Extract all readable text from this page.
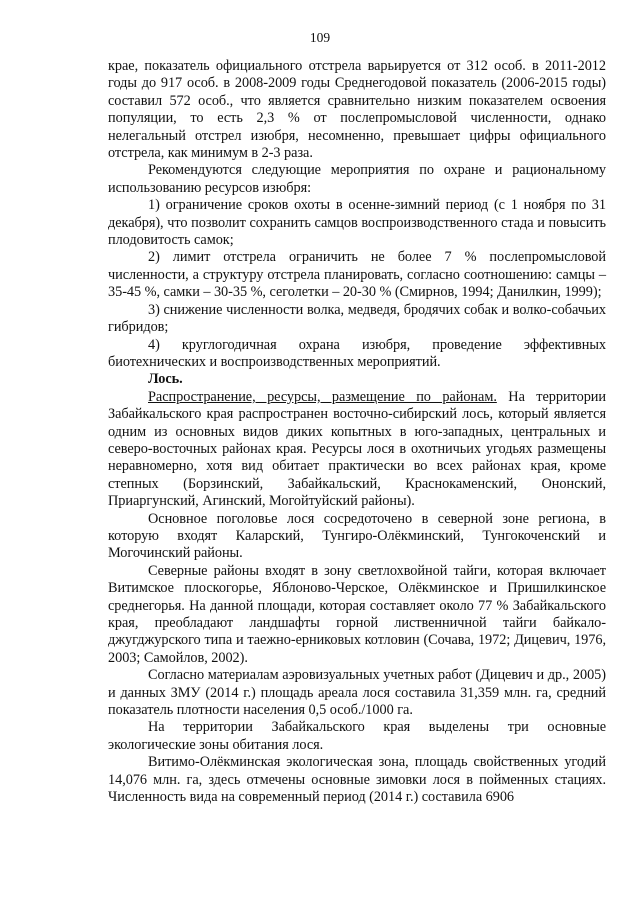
109

крае, показатель официального отстрела варьируется от 312 особ. в 2011-2012 годы до 917 особ. в 2008-2009 годы Среднегодовой показатель (2006-2015 годы) составил 572 особ., что является сравнительно низким показателем освоения популяции, то есть 2,3 % от послепромысловой численности, однако нелегальный отстрел изюбря, несомненно, превышает цифры официального отстрела, как минимум в 2-3 раза.

Рекомендуются следующие мероприятия по охране и рациональному использованию ресурсов изюбря:

1) ограничение сроков охоты в осенне-зимний период (с 1 ноября по 31 декабря), что позволит сохранить самцов воспроизводственного стада и повысить плодовитость самок;

2) лимит отстрела ограничить не более 7 % послепромысловой численности, а структуру отстрела планировать, согласно соотношению: самцы – 35-45 %, самки – 30-35 %, сеголетки – 20-30 % (Смирнов, 1994; Данилкин, 1999);

3) снижение численности волка, медведя, бродячих собак и волко-собачьих гибридов;

4) круглогодичная охрана изюбря, проведение эффективных биотехнических и воспроизводственных мероприятий.

Лось.

Распространение, ресурсы, размещение по районам. На территории Забайкальского края распространен восточно-сибирский лось, который является одним из основных видов диких копытных в юго-западных, центральных и северо-восточных районах края. Ресурсы лося в охотничьих угодьях размещены неравномерно, хотя вид обитает практически во всех районах края, кроме степных (Борзинский, Забайкальский, Краснокаменский, Ононский, Приаргунский, Агинский, Могойтуйский районы).

Основное поголовье лося сосредоточено в северной зоне региона, в которую входят Каларский, Тунгиро-Олёкминский, Тунгокоченский и Могочинский районы.

Северные районы входят в зону светлохвойной тайги, которая включает Витимское плоскогорье, Яблоново-Черское, Олёкминское и Пришилкинское среднегорья. На данной площади, которая составляет около 77 % Забайкальского края, преобладают ландшафты горной лиственничной тайги байкало-джугджурского типа и таежно-ерниковых котловин (Сочава, 1972; Дицевич, 1976, 2003; Самойлов, 2002).

Согласно материалам аэровизуальных учетных работ (Дицевич и др., 2005) и данных ЗМУ (2014 г.) площадь ареала лося составила 31,359 млн. га, средний показатель плотности населения 0,5 особ./1000 га.

На территории Забайкальского края выделены три основные экологические зоны обитания лося.

Витимо-Олёкминская экологическая зона, площадь свойственных угодий 14,076 млн. га, здесь отмечены основные зимовки лося в пойменных стациях. Численность вида на современный период (2014 г.) составила 6906
